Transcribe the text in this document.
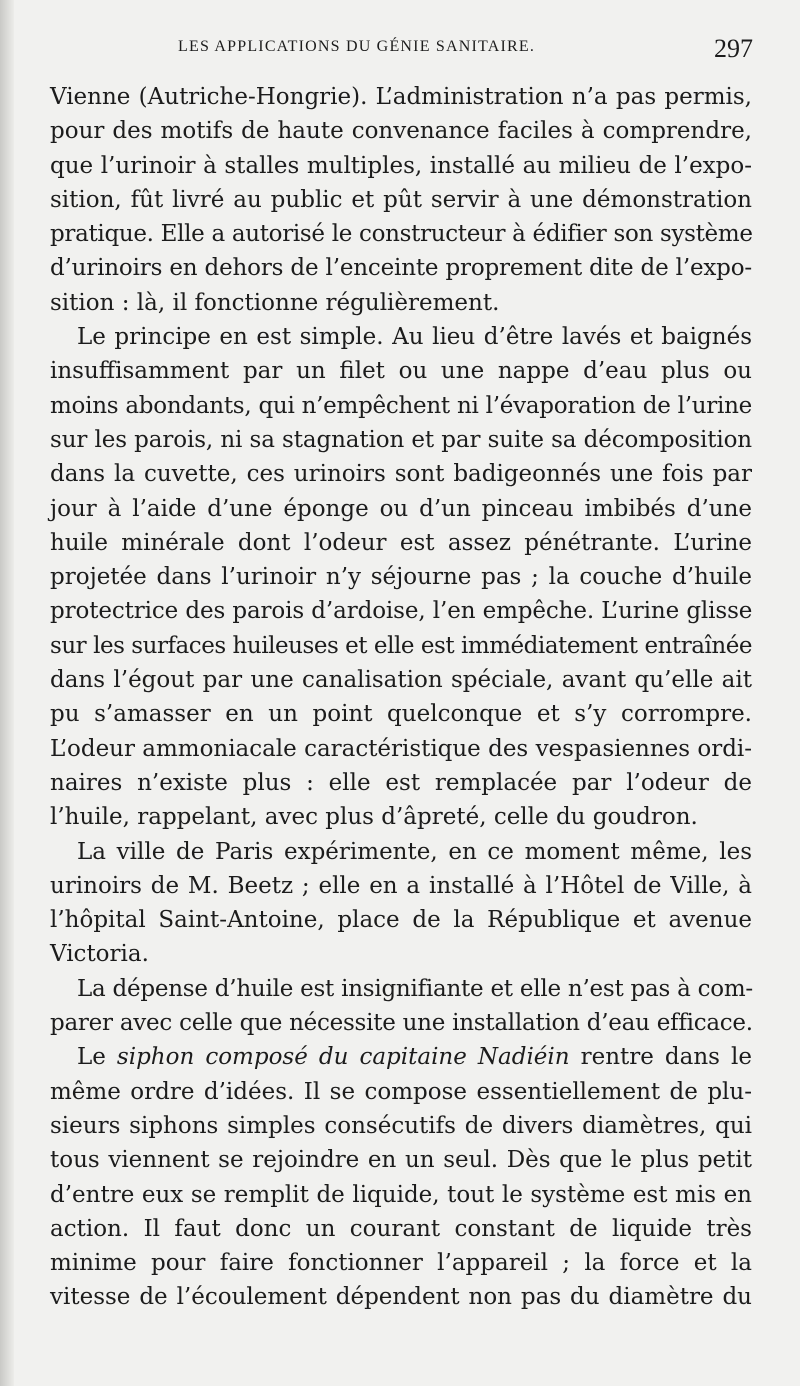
LES APPLICATIONS DU GÉNIE SANITAIRE.	297
Vienne (Autriche-Hongrie). L’administration n’a pas permis,
pour des motifs de haute convenance faciles à comprendre,
que l’urinoir à stalles multiples, installé au milieu de l’expo-
sition, fût livré au public et pût servir à une démonstration
pratique. Elle a autorisé le constructeur à édifier son système
d’urinoirs en dehors de l’enceinte proprement dite de l’expo-
sition : là, il fonctionne régulièrement.
Le principe en est simple. Au lieu d’être lavés et baignés
insuffisamment par un filet ou une nappe d’eau plus ou
moins abondants, qui n’empêchent ni l’évaporation de l’urine
sur les parois, ni sa stagnation et par suite sa décomposition
dans la cuvette, ces urinoirs sont badigeonnés une fois par
jour à l’aide d’une éponge ou d’un pinceau imbibés d’une
huile minérale dont l’odeur est assez pénétrante. L’urine
projetée dans l’urinoir n’y séjourne pas ; la couche d’huile
protectrice des parois d’ardoise, l’en empêche. L’urine glisse
sur les surfaces huileuses et elle est immédiatement entraînée
dans l’égout par une canalisation spéciale, avant qu’elle ait
pu s’amasser en un point quelconque et s’y corrompre.
L’odeur ammoniacale caractéristique des vespasiennes ordi-
naires n’existe plus : elle est remplacée par l’odeur de
l’huile, rappelant, avec plus d’âpreté, celle du goudron.
La ville de Paris expérimente, en ce moment même, les
urinoirs de M. Beetz ; elle en a installé à l’Hôtel de Ville, à
l’hôpital Saint-Antoine, place de la République et avenue
Victoria.
La dépense d’huile est insignifiante et elle n’est pas à com-
parer avec celle que nécessite une installation d’eau efficace.
Le siphon composé du capitaine Nadiéin rentre dans le
même ordre d’idées. Il se compose essentiellement de plu-
sieurs siphons simples consécutifs de divers diamètres, qui
tous viennent se rejoindre en un seul. Dès que le plus petit
d’entre eux se remplit de liquide, tout le système est mis en
action. Il faut donc un courant constant de liquide très
minime pour faire fonctionner l’appareil ; la force et la
vitesse de l’écoulement dépendent non pas du diamètre du
